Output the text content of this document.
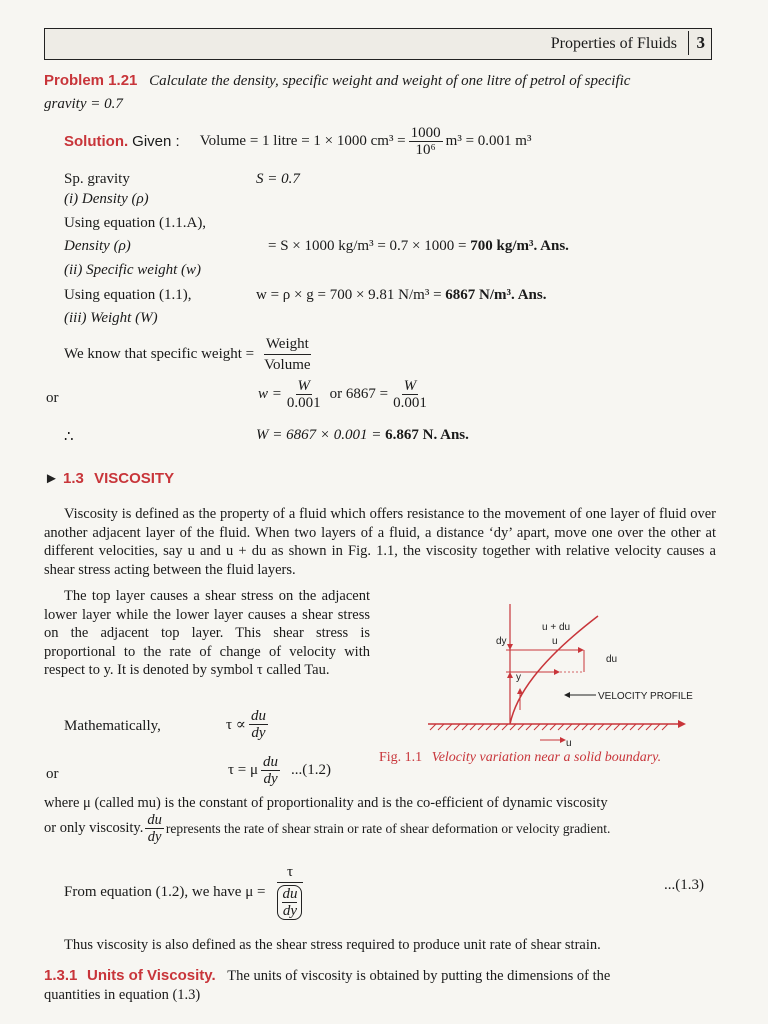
Properties of Fluids	3
Problem 1.21 Calculate the density, specific weight and weight of one litre of petrol of specific
gravity = 0.7
Solution. Given : Volume = 1 litre = 1 × 1000 $cm^3 = \frac{1000}{\text{10⁶}} m^3 = 0.001$ m³
Sp. gravity	S = 0.7
(i) Density (ρ)
Using equation (1.1.A),
Density (ρ)	= S × 1000 kg/m³ = 0.7 × 1000 = 700 kg/m³. Ans.
(ii) Specific weight (w)
Using equation (1.1),	w = ρ × g = 700 × 9.81 N/m³ = 6867 N/m³. Ans.
(iii) Weight (W)
We know that specific weight = $\frac{\text{Weight}}{\text{Volume}}$
or	$w = \frac{W}{0.001}$ or $6867 = \frac{W}{0.001}$
∴	W = 6867 × 0.001 = 6.867 N. Ans.
► 1.3 VISCOSITY
Viscosity is defined as the property of a fluid which offers resistance to the movement of one layer of fluid over another adjacent layer of the fluid. When two layers of a fluid, a distance ‘dy’ apart, move one over the other at different velocities, say u and u + du as shown in Fig. 1.1, the viscosity together with relative velocity causes a shear stress acting between the fluid layers.
The top layer causes a shear stress on the adjacent lower layer while the lower layer causes a shear stress on the adjacent top layer. This shear stress is proportional to the rate of change of velocity with respect to y. It is denoted by symbol τ called Tau.
u + du
u
dy
du
y
VELOCITY PROFILE
u
Fig. 1.1 Velocity variation near a solid boundary.
Mathematically,	$\tau \propto \frac{du}{dy}$
or	τ = μ $\frac{du}{dy} ...(1.2)$
where μ (called mu) is the constant of proportionality and is the co-efficient of dynamic viscosity
or only viscosity. $\frac{du}{dy}$ represents the rate of shear strain or rate of shear deformation or velocity gradient.
From equation (1.2), we have $\mu = \frac{\tau}{\frac{du}{dy}}$	...(1.3)
Thus viscosity is also defined as the shear stress required to produce unit rate of shear strain.
1.3.1 Units of Viscosity. The units of viscosity is obtained by putting the dimensions of the
quantities in equation (1.3)
